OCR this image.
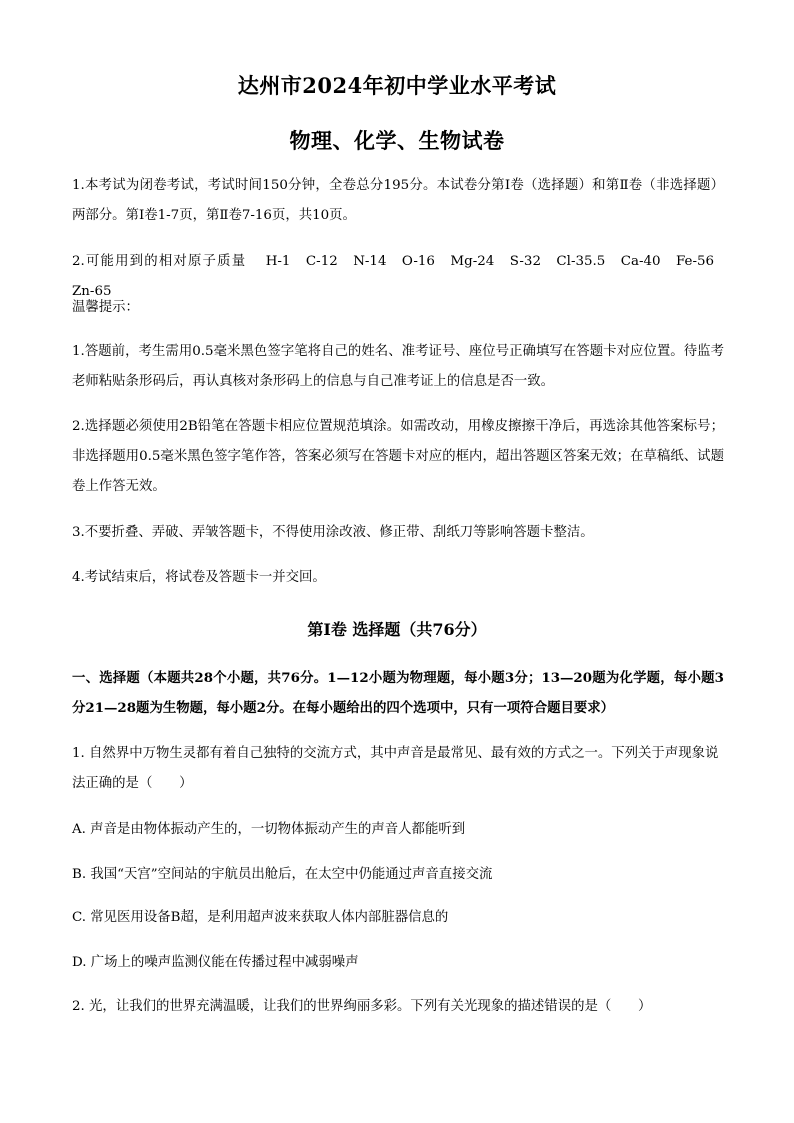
达州市2024年初中学业水平考试
物理、化学、生物试卷
1.本考试为闭卷考试，考试时间150分钟，全卷总分195分。本试卷分第Ⅰ卷（选择题）和第Ⅱ卷（非选择题）两部分。第Ⅰ卷1-7页，第Ⅱ卷7-16页，共10页。
2.可能用到的相对原子质量 H-1 C-12 N-14 O-16 Mg-24 S-32 Cl-35.5 Ca-40 Fe-56 Zn-65
温馨提示：
1.答题前，考生需用0.5毫米黑色签字笔将自己的姓名、准考证号、座位号正确填写在答题卡对应位置。待监考老师粘贴条形码后，再认真核对条形码上的信息与自己准考证上的信息是否一致。
2.选择题必须使用2B铅笔在答题卡相应位置规范填涂。如需改动，用橡皮擦擦干净后，再选涂其他答案标号；非选择题用0.5毫米黑色签字笔作答，答案必须写在答题卡对应的框内，超出答题区答案无效；在草稿纸、试题卷上作答无效。
3.不要折叠、弄破、弄皱答题卡，不得使用涂改液、修正带、刮纸刀等影响答题卡整洁。
4.考试结束后，将试卷及答题卡一并交回。
第Ⅰ卷 选择题（共76分）
一、选择题（本题共28个小题，共76分。1—12小题为物理题，每小题3分；13—20题为化学题，每小题3分21—28题为生物题，每小题2分。在每小题给出的四个选项中，只有一项符合题目要求）
1. 自然界中万物生灵都有着自己独特的交流方式，其中声音是最常见、最有效的方式之一。下列关于声现象说法正确的是（　　）
A. 声音是由物体振动产生的，一切物体振动产生的声音人都能听到
B. 我国“天宫”空间站的宇航员出舱后，在太空中仍能通过声音直接交流
C. 常见医用设备B超，是利用超声波来获取人体内部脏器信息的
D. 广场上的噪声监测仪能在传播过程中减弱噪声
2. 光，让我们的世界充满温暖，让我们的世界绚丽多彩。下列有关光现象的描述错误的是（　　）
